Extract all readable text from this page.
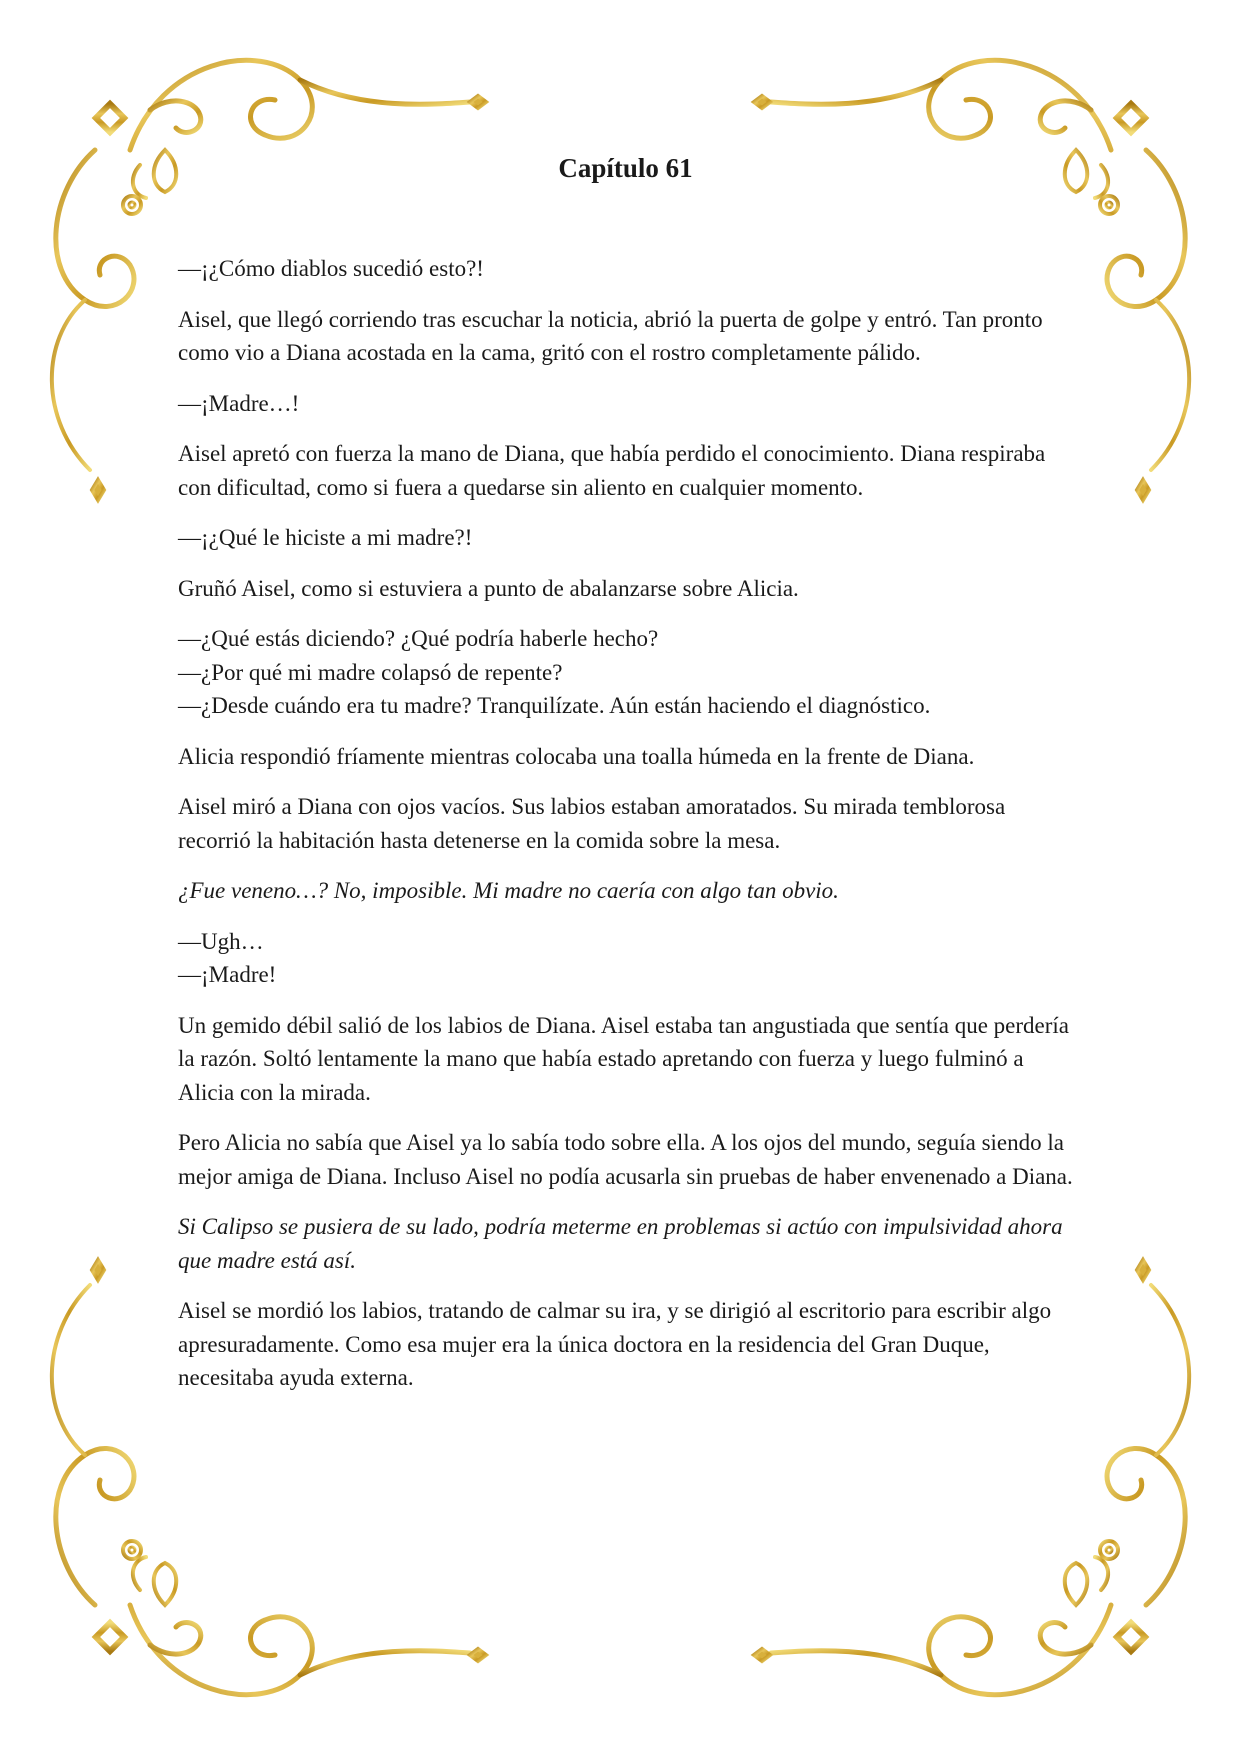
Capítulo 61

—¡¿Cómo diablos sucedió esto?!

Aisel, que llegó corriendo tras escuchar la noticia, abrió la puerta de golpe y entró. Tan pronto como vio a Diana acostada en la cama, gritó con el rostro completamente pálido.

—¡Madre…!

Aisel apretó con fuerza la mano de Diana, que había perdido el conocimiento. Diana respiraba con dificultad, como si fuera a quedarse sin aliento en cualquier momento.

—¡¿Qué le hiciste a mi madre?!

Gruñó Aisel, como si estuviera a punto de abalanzarse sobre Alicia.

—¿Qué estás diciendo? ¿Qué podría haberle hecho?

—¿Por qué mi madre colapsó de repente?

—¿Desde cuándo era tu madre? Tranquilízate. Aún están haciendo el diagnóstico.

Alicia respondió fríamente mientras colocaba una toalla húmeda en la frente de Diana.

Aisel miró a Diana con ojos vacíos. Sus labios estaban amoratados. Su mirada temblorosa recorrió la habitación hasta detenerse en la comida sobre la mesa.

¿Fue veneno…? No, imposible. Mi madre no caería con algo tan obvio.

—Ugh…

—¡Madre!

Un gemido débil salió de los labios de Diana. Aisel estaba tan angustiada que sentía que perdería la razón. Soltó lentamente la mano que había estado apretando con fuerza y luego fulminó a Alicia con la mirada.

Pero Alicia no sabía que Aisel ya lo sabía todo sobre ella. A los ojos del mundo, seguía siendo la mejor amiga de Diana. Incluso Aisel no podía acusarla sin pruebas de haber envenenado a Diana.

Si Calipso se pusiera de su lado, podría meterme en problemas si actúo con impulsividad ahora que madre está así.

Aisel se mordió los labios, tratando de calmar su ira, y se dirigió al escritorio para escribir algo apresuradamente. Como esa mujer era la única doctora en la residencia del Gran Duque, necesitaba ayuda externa.
